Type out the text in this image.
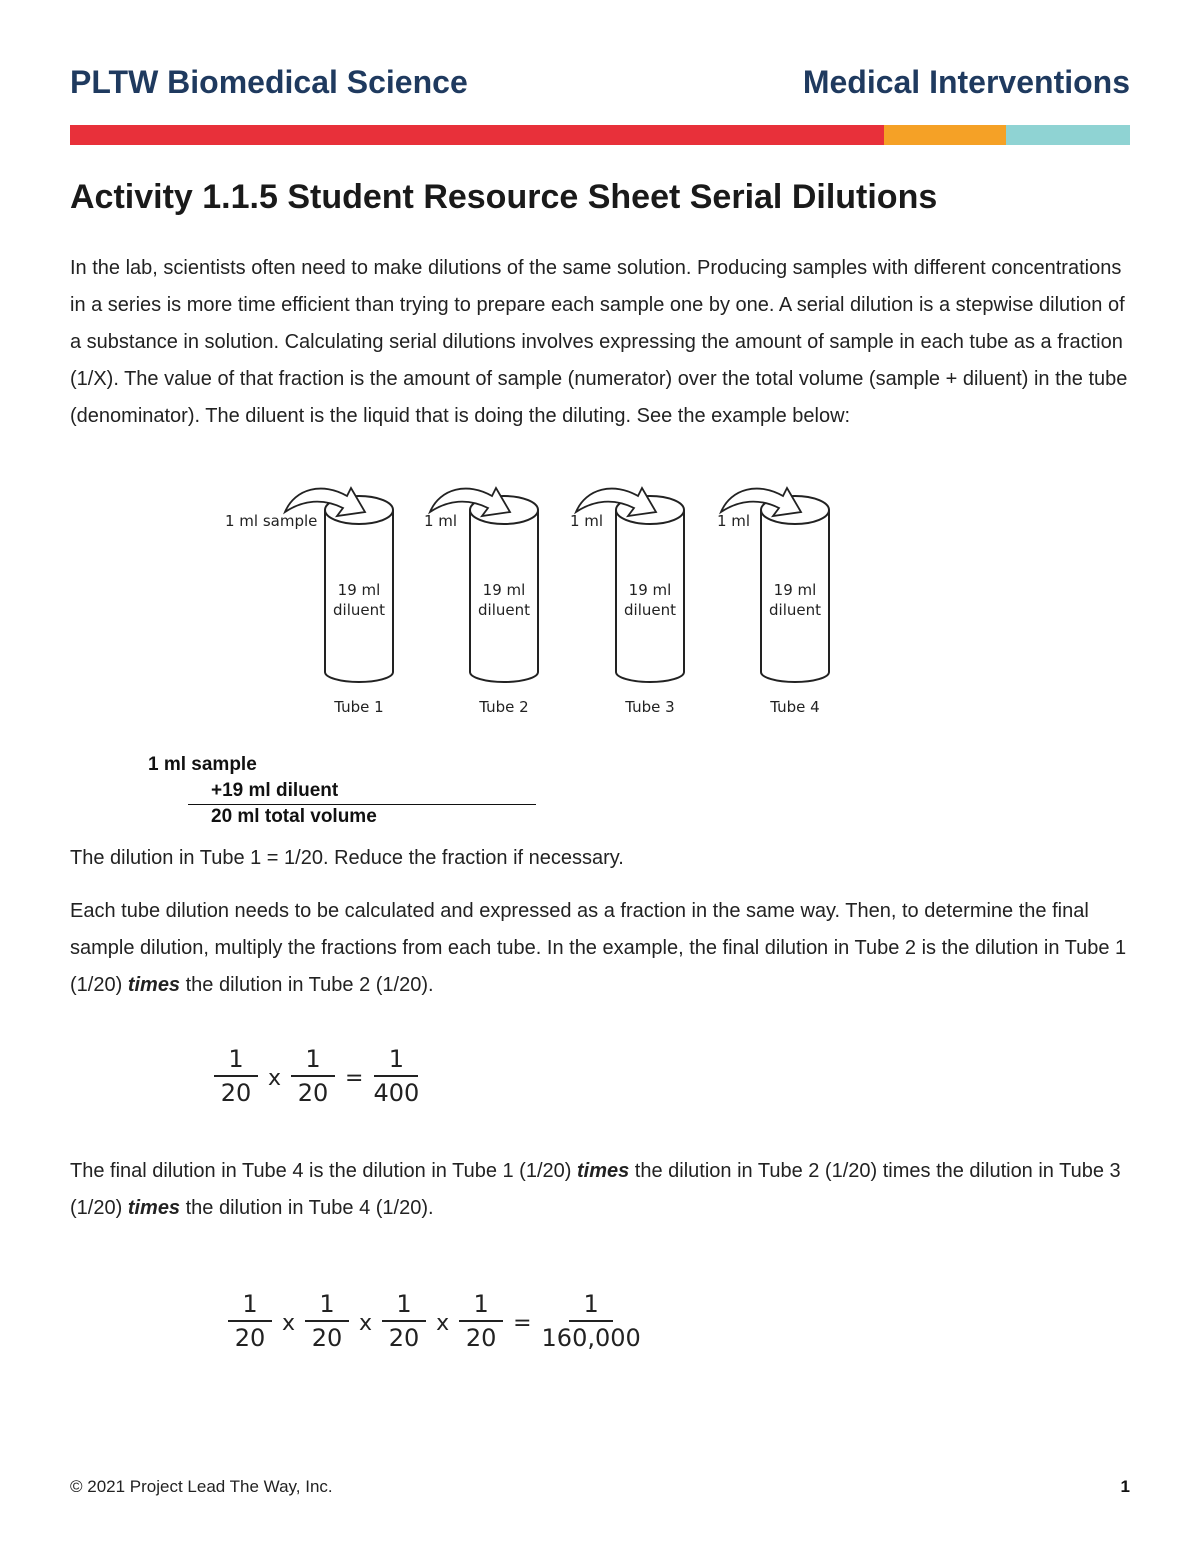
PLTW Biomedical Science	Medical Interventions
Activity 1.1.5 Student Resource Sheet Serial Dilutions

In the lab, scientists often need to make dilutions of the same solution. Producing samples with different concentrations in a series is more time efficient than trying to prepare each sample one by one. A serial dilution is a stepwise dilution of a substance in solution. Calculating serial dilutions involves expressing the amount of sample in each tube as a fraction (1/X). The value of that fraction is the amount of sample (numerator) over the total volume (sample + diluent) in the tube (denominator). The diluent is the liquid that is doing the diluting. See the example below:

1 ml sample
19 ml
diluent
Tube 1
1 ml
19 ml
diluent
Tube 2
1 ml
19 ml
diluent
Tube 3
1 ml
19 ml
diluent
Tube 4
1 ml sample
+19 ml diluent
20 ml total volume

The dilution in Tube 1 = 1/20. Reduce the fraction if necessary.

Each tube dilution needs to be calculated and expressed as a fraction in the same way. Then, to determine the final sample dilution, multiply the fractions from each tube. In the example, the final dilution in Tube 2 is the dilution in Tube 1 (1/20) times the dilution in Tube 2 (1/20).

$\frac{1}{20}$ x $\frac{1}{20} = \frac{1}{400}$

The final dilution in Tube 4 is the dilution in Tube 1 (1/20) times the dilution in Tube 2 (1/20) times the dilution in Tube 3 (1/20) times the dilution in Tube 4 (1/20).

$\frac{1}{20}$ x $\frac{1}{20}$ x $\frac{1}{20}$ x $\frac{1}{20} = \frac{1}{160,000}$
© 2021 Project Lead The Way, Inc.	1
